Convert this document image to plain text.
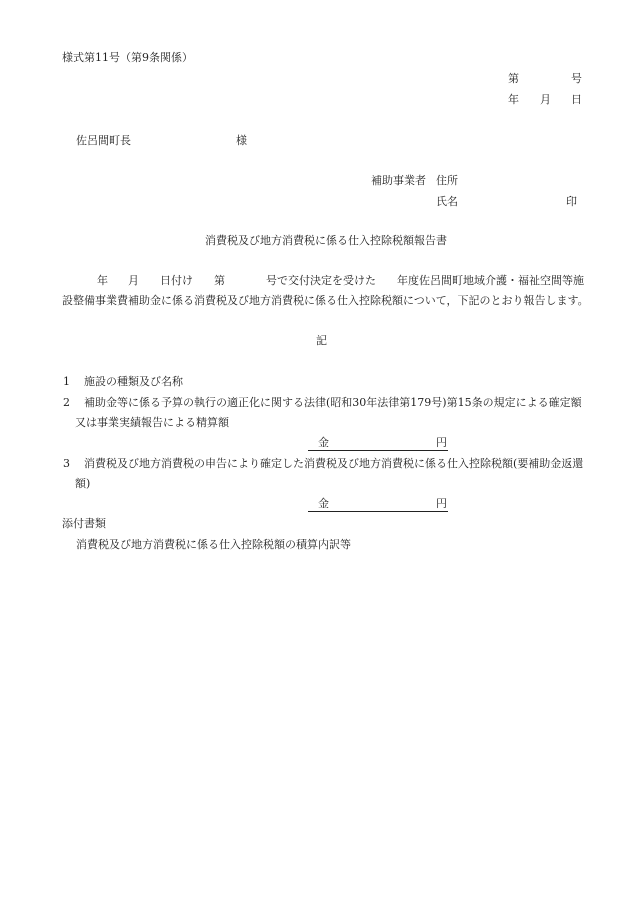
様式第11号（第9条関係）
第	号
年 月 日
佐呂間町長	様
補助事業者 住所
氏名	印
消費税及び地方消費税に係る仕入控除税額報告書
年 月 日付け 第	号で交付決定を受けた 年度佐呂間町地域介護・福祉空間等施
設整備事業費補助金に係る消費税及び地方消費税に係る仕入控除税額について，下記のとおり報告します。
記
1 施設の種類及び名称
2 補助金等に係る予算の執行の適正化に関する法律(昭和30年法律第179号)第15条の規定による確定額
又は事業実績報告による精算額
金	円
3 消費税及び地方消費税の申告により確定した消費税及び地方消費税に係る仕入控除税額(要補助金返還
額)
金	円
添付書類
消費税及び地方消費税に係る仕入控除税額の積算内訳等
